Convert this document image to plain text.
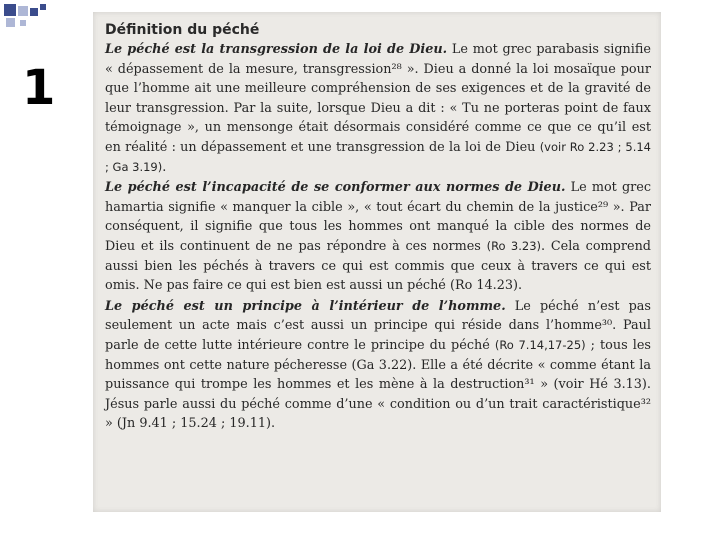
1
Définition du péché

Le péché est la transgression de la loi de Dieu. Le mot grec parabasis signifie « dépassement de la mesure, transgression²⁸ ». Dieu a donné la loi mosaïque pour que l’homme ait une meilleure compréhension de ses exigences et de la gravité de leur transgression. Par la suite, lorsque Dieu a dit : « Tu ne porteras point de faux témoignage », un mensonge était désormais considéré comme ce que ce qu’il est en réalité : un dépassement et une transgression de la loi de Dieu (voir Ro 2.23 ; 5.14 ; Ga 3.19).

Le péché est l’incapacité de se conformer aux normes de Dieu. Le mot grec hamartia signifie « manquer la cible », « tout écart du chemin de la justice²⁹ ». Par conséquent, il signifie que tous les hommes ont manqué la cible des normes de Dieu et ils continuent de ne pas répondre à ces normes (Ro 3.23). Cela comprend aussi bien les péchés à travers ce qui est commis que ceux à travers ce qui est omis. Ne pas faire ce qui est bien est aussi un péché (Ro 14.23).

Le péché est un principe à l’intérieur de l’homme. Le péché n’est pas seulement un acte mais c’est aussi un principe qui réside dans l’homme³⁰. Paul parle de cette lutte intérieure contre le principe du péché (Ro 7.14,17-25) ; tous les hommes ont cette nature pécheresse (Ga 3.22). Elle a été décrite « comme étant la puissance qui trompe les hommes et les mène à la destruction³¹ » (voir Hé 3.13). Jésus parle aussi du péché comme d’une « condition ou d’un trait caractéristique³² » (Jn 9.41 ; 15.24 ; 19.11).
